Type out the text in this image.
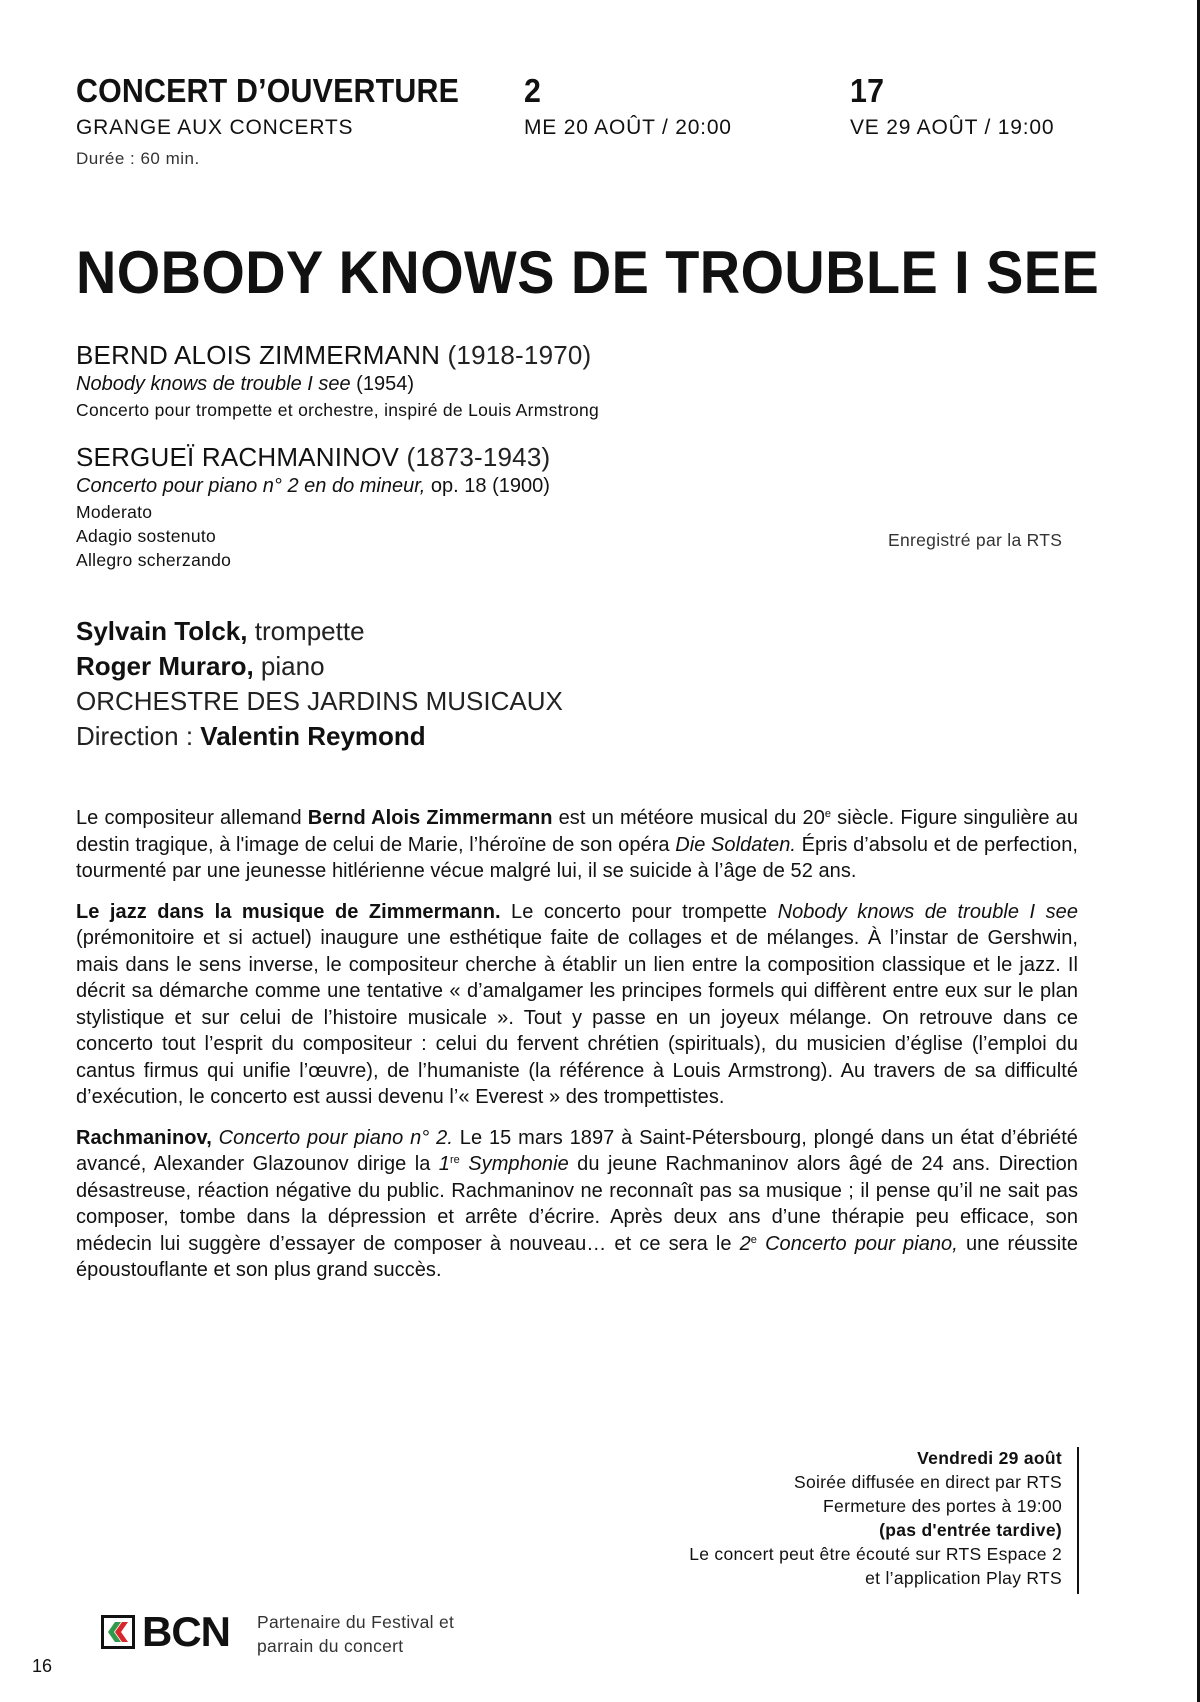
CONCERT D’OUVERTURE
GRANGE AUX CONCERTS
Durée : 60 min.
2
ME 20 AOÛT / 20:00
17
VE 29 AOÛT / 19:00
NOBODY KNOWS DE TROUBLE I SEE
BERND ALOIS ZIMMERMANN (1918-1970)
Nobody knows de trouble I see (1954)
Concerto pour trompette et orchestre, inspiré de Louis Armstrong
SERGUEÏ RACHMANINOV (1873-1943)
Concerto pour piano n° 2 en do mineur, op. 18 (1900)
Moderato
Adagio sostenuto
Allegro scherzando
Enregistré par la RTS
Sylvain Tolck, trompette
Roger Muraro, piano
ORCHESTRE DES JARDINS MUSICAUX
Direction : Valentin Reymond

Le compositeur allemand Bernd Alois Zimmermann est un météore musical du 20e siècle. Figure singulière au destin tragique, à l'image de celui de Marie, l’héroïne de son opéra Die Soldaten. Épris d’absolu et de perfection, tourmenté par une jeunesse hitlérienne vécue malgré lui, il se suicide à l’âge de 52 ans.

Le jazz dans la musique de Zimmermann. Le concerto pour trompette Nobody knows de trouble I see (prémonitoire et si actuel) inaugure une esthétique faite de collages et de mélanges. À l’instar de Gershwin, mais dans le sens inverse, le compositeur cherche à établir un lien entre la composition classique et le jazz. Il décrit sa démarche comme une tentative « d’amalgamer les principes formels qui diffèrent entre eux sur le plan stylistique et sur celui de l’histoire musicale ». Tout y passe en un joyeux mélange. On retrouve dans ce concerto tout l’esprit du compositeur : celui du fervent chrétien (spirituals), du musicien d’église (l’emploi du cantus firmus qui unifie l’œuvre), de l’humaniste (la référence à Louis Armstrong). Au travers de sa difficulté d’exécution, le concerto est aussi devenu l’« Everest » des trompettistes.

Rachmaninov, Concerto pour piano n° 2. Le 15 mars 1897 à Saint-Pétersbourg, plongé dans un état d’ébriété avancé, Alexander Glazounov dirige la 1re Symphonie du jeune Rachmaninov alors âgé de 24 ans. Direction désastreuse, réaction négative du public. Rachmaninov ne reconnaît pas sa musique ; il pense qu’il ne sait pas composer, tombe dans la dépression et arrête d’écrire. Après deux ans d’une thérapie peu efficace, son médecin lui suggère d’essayer de composer à nouveau… et ce sera le 2e Concerto pour piano, une réussite époustouflante et son plus grand succès.

Vendredi 29 août
Soirée diffusée en direct par RTS
Fermeture des portes à 19:00
(pas d'entrée tardive)
Le concert peut être écouté sur RTS Espace 2
et l’application Play RTS
BCN Partenaire du Festival et
parrain du concert
16
